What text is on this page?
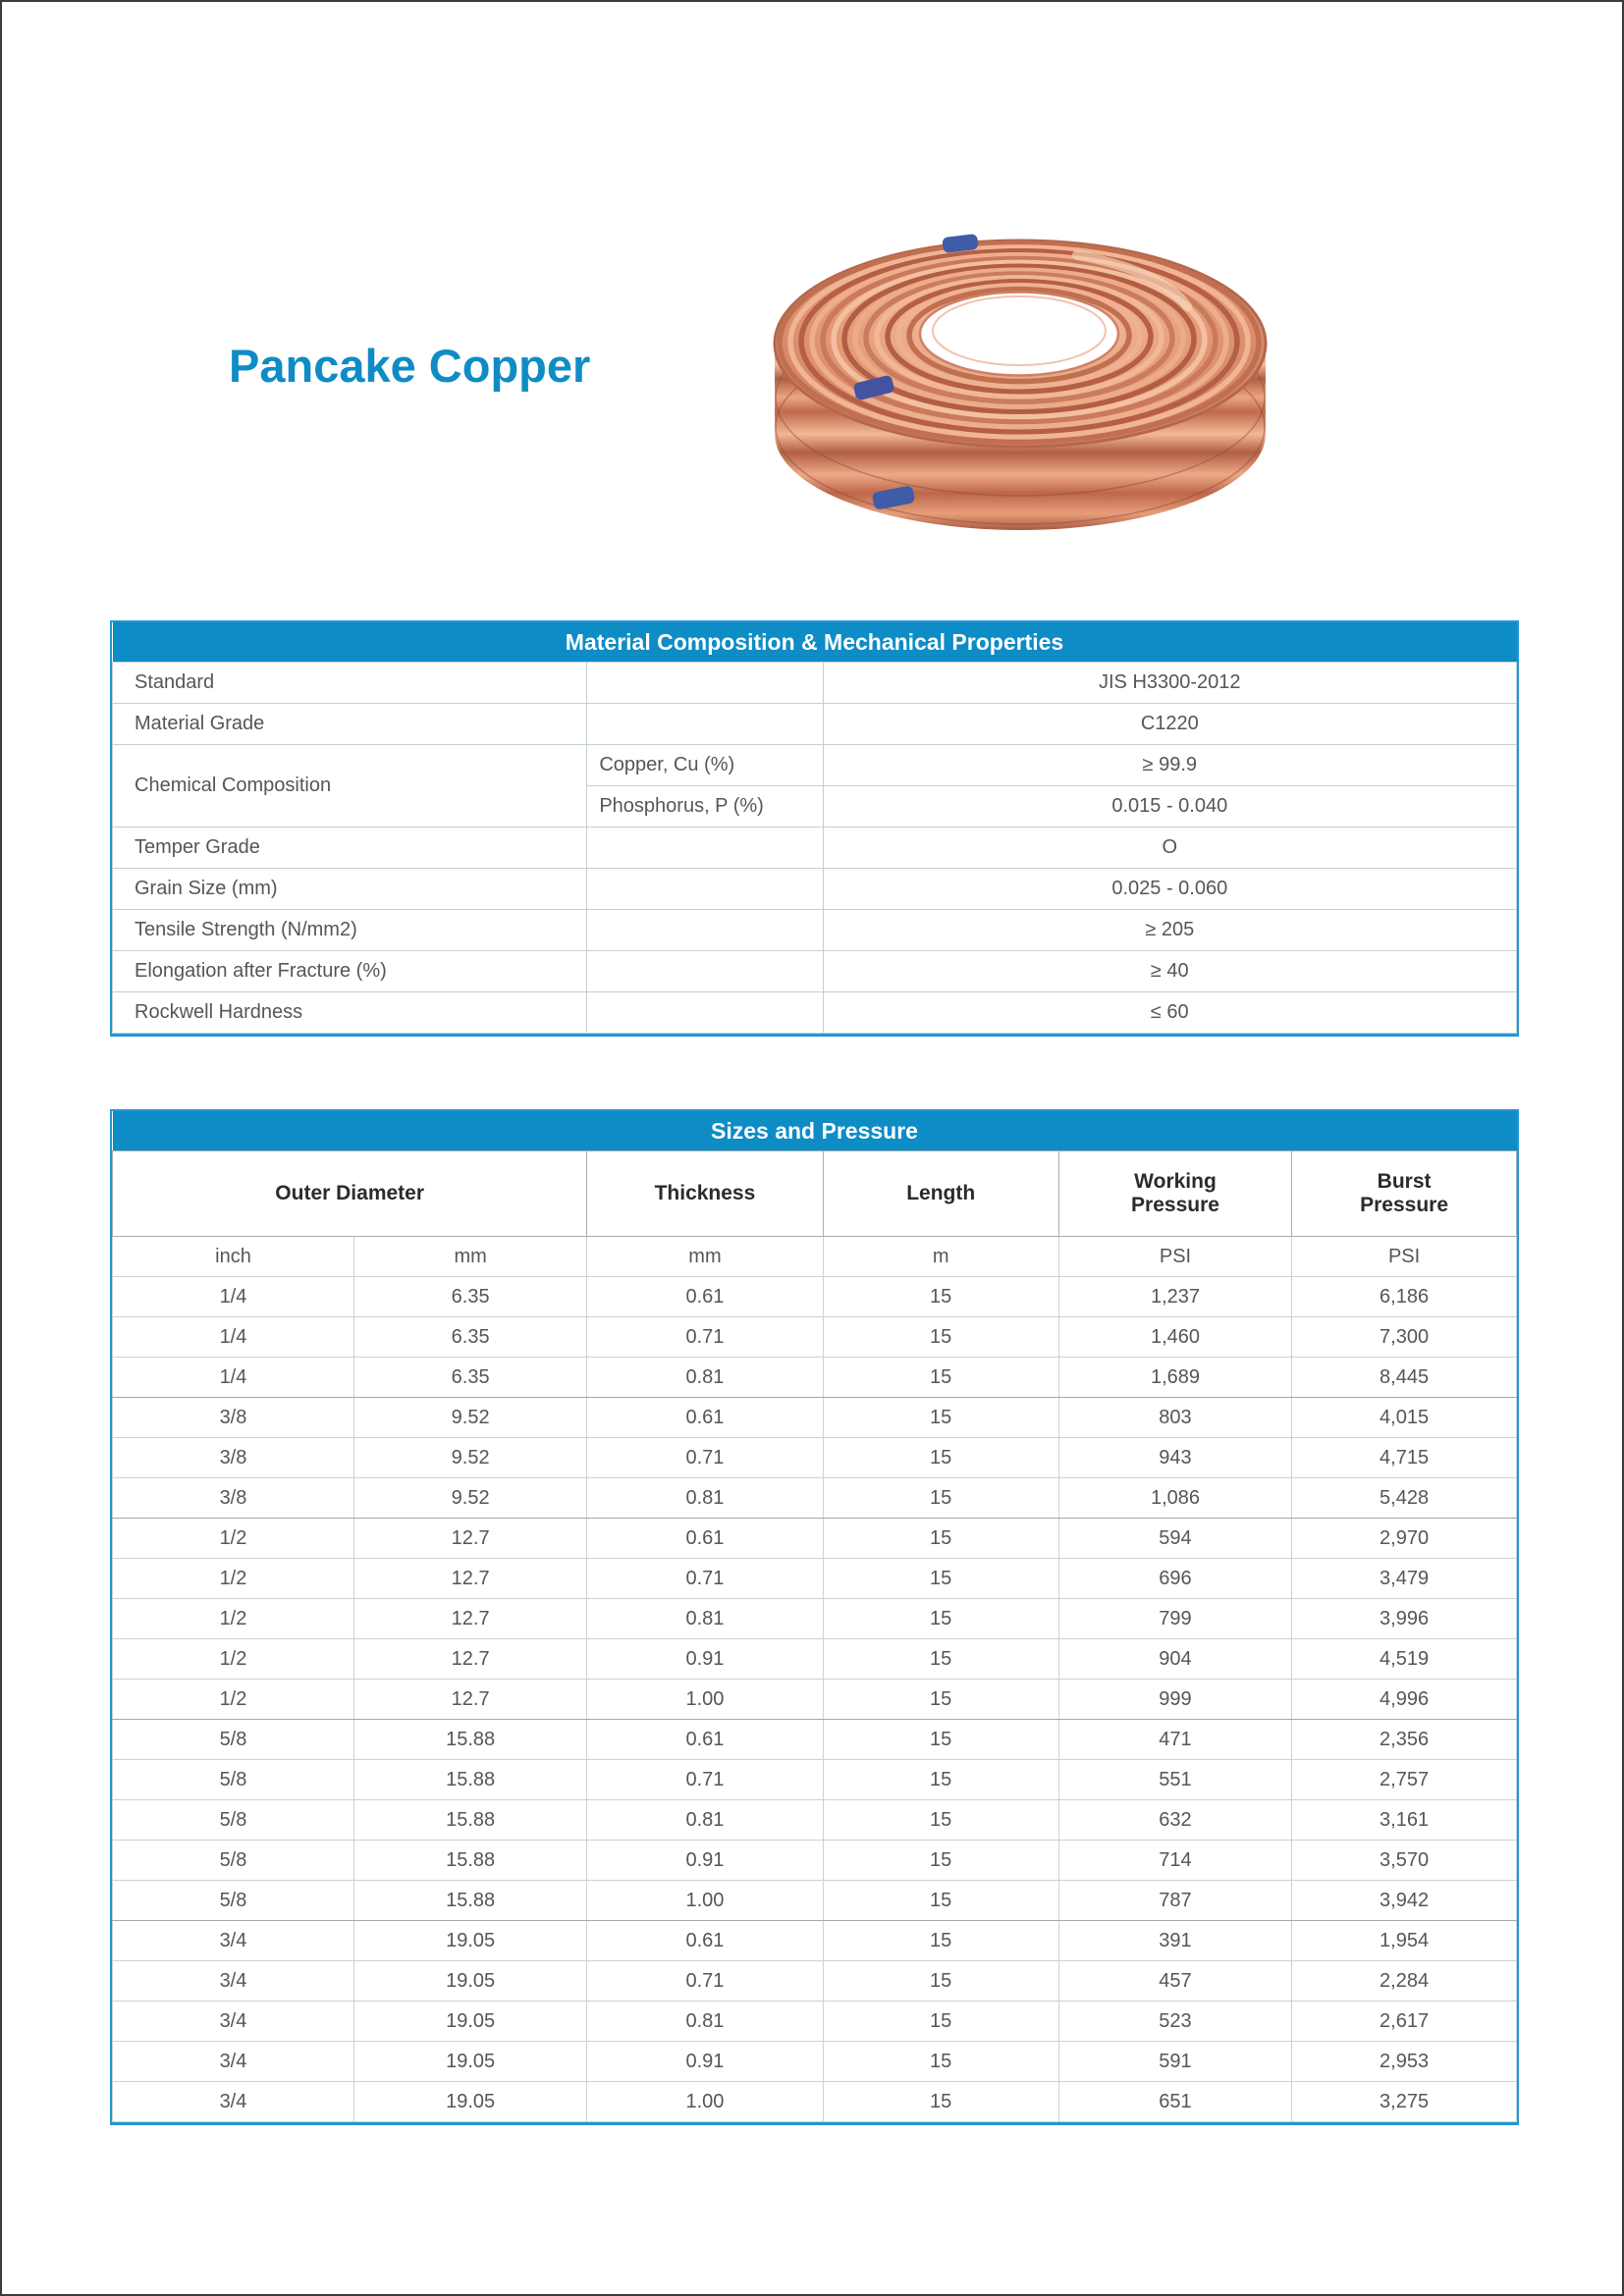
Pancake Copper
Material Composition & Mechanical Properties		
Standard		JIS H3300-2012
Material Grade		C1220
Chemical Composition	Copper, Cu (%)	≥ 99.9
	Phosphorus, P (%)	0.015 - 0.040
Temper Grade		O
Grain Size (mm)		0.025 - 0.060
Tensile Strength (N/mm2)		≥ 205
Elongation after Fracture (%)		≥ 40
Rockwell Hardness		≤ 60
Sizes and Pressure					
Outer Diameter		Thickness	Length	Working Pressure	Burst Pressure
inch	mm	mm	m	PSI	PSI
1/4	6.35	0.61	15	1,237	6,186
1/4	6.35	0.71	15	1,460	7,300
1/4	6.35	0.81	15	1,689	8,445
3/8	9.52	0.61	15	803	4,015
3/8	9.52	0.71	15	943	4,715
3/8	9.52	0.81	15	1,086	5,428
1/2	12.7	0.61	15	594	2,970
1/2	12.7	0.71	15	696	3,479
1/2	12.7	0.81	15	799	3,996
1/2	12.7	0.91	15	904	4,519
1/2	12.7	1.00	15	999	4,996
5/8	15.88	0.61	15	471	2,356
5/8	15.88	0.71	15	551	2,757
5/8	15.88	0.81	15	632	3,161
5/8	15.88	0.91	15	714	3,570
5/8	15.88	1.00	15	787	3,942
3/4	19.05	0.61	15	391	1,954
3/4	19.05	0.71	15	457	2,284
3/4	19.05	0.81	15	523	2,617
3/4	19.05	0.91	15	591	2,953
3/4	19.05	1.00	15	651	3,275
